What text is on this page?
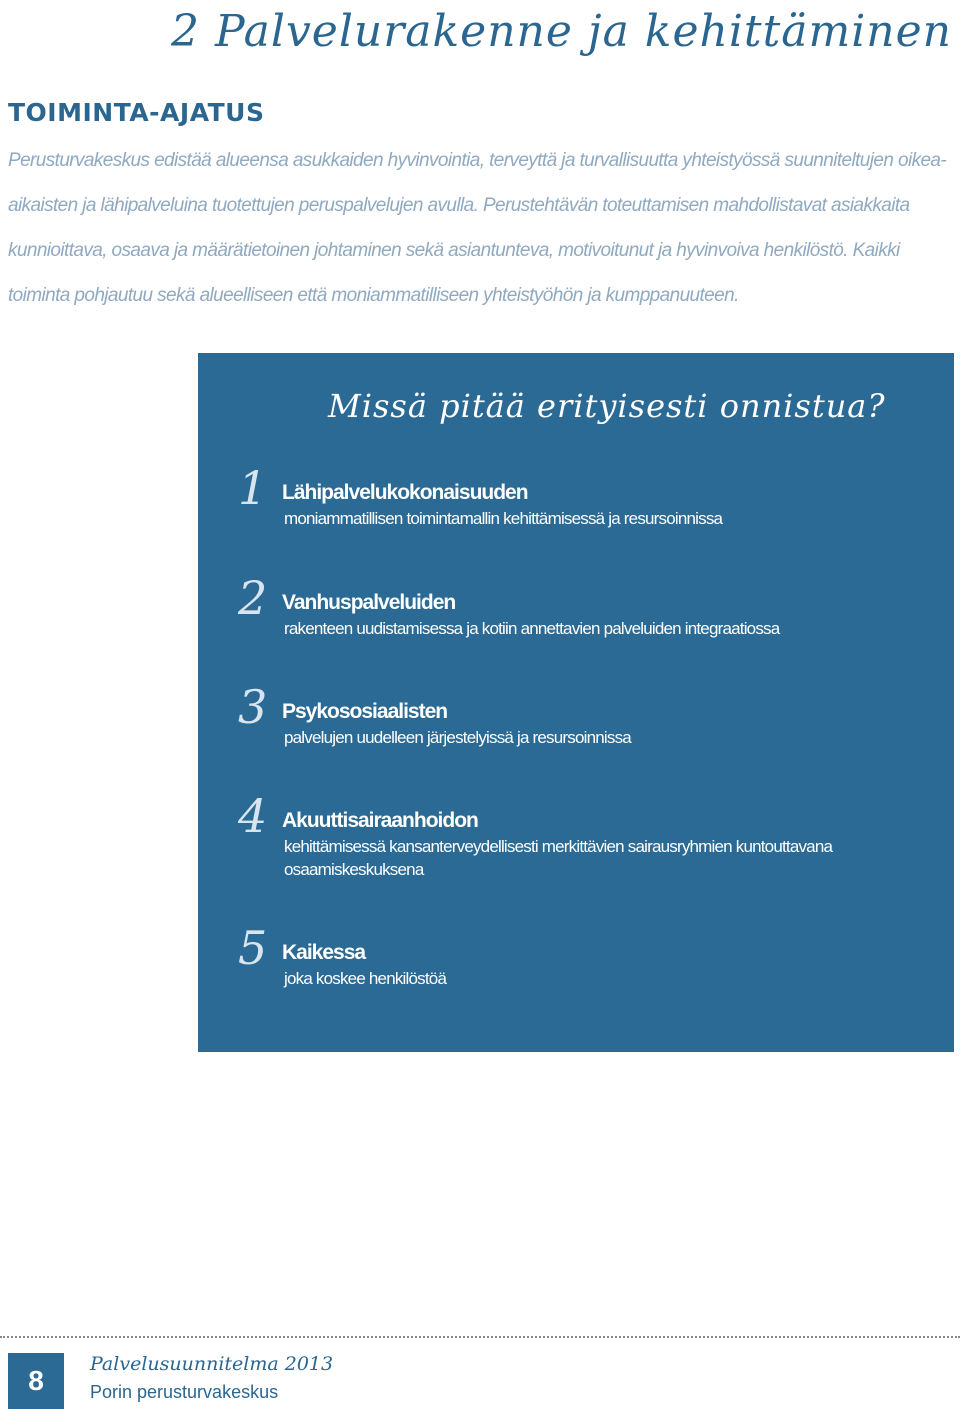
2 Palvelurakenne ja kehittäminen
TOIMINTA-AJATUS

Perusturvakeskus edistää alueensa asukkaiden hyvinvointia, terveyttä ja turvallisuutta yhteistyössä suunniteltujen oikea-aikaisten ja lähipalveluina tuotettujen peruspalvelujen avulla. Perustehtävän toteuttamisen mahdollistavat asiakkaita kunnioittava, osaava ja määrätietoinen johtaminen sekä asiantunteva, motivoitunut ja hyvinvoiva henkilöstö. Kaikki toiminta pohjautuu sekä alueelliseen että moniammatilliseen yhteistyöhön ja kumppanuuteen.

Missä pitää erityisesti onnistua?
1 Lähipalvelukokonaisuuden
moniammatillisen toimintamallin kehittämisessä ja resursoinnissa
2 Vanhuspalveluiden
rakenteen uudistamisessa ja kotiin annettavien palveluiden integraatiossa
3 Psykososiaalisten
palvelujen uudelleen järjestelyissä ja resursoinnissa
4 Akuuttisairaanhoidon
kehittämisessä kansanterveydellisesti merkittävien sairausryhmien kuntouttavana osaamiskeskuksena
5 Kaikessa
joka koskee henkilöstöä
8
Palvelusuunnitelma 2013
Porin perusturvakeskus
